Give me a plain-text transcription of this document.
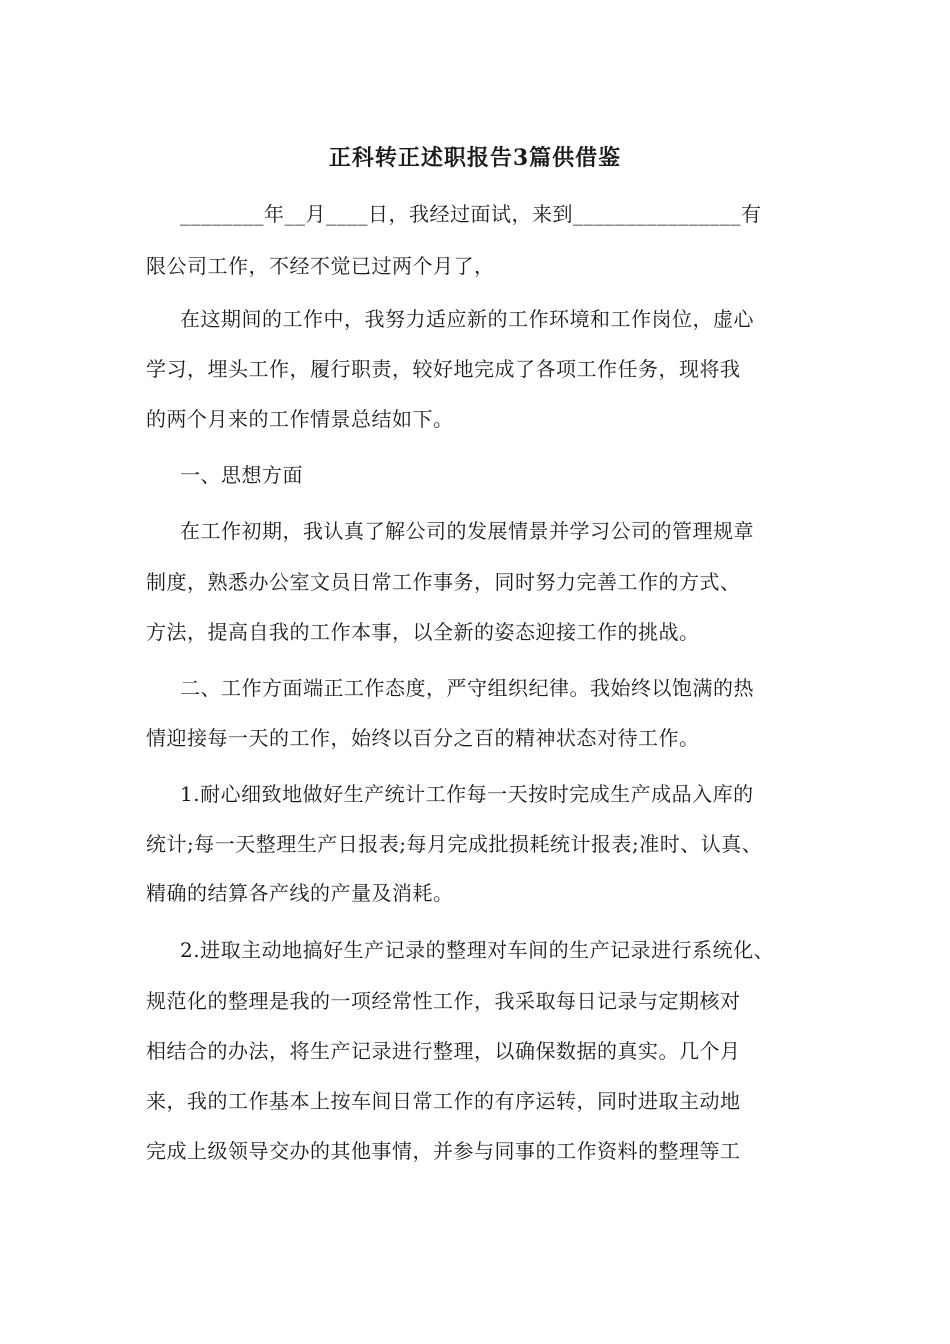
正科转正述职报告3篇供借鉴
________年__月____日，我经过面试，来到________________有
限公司工作，不经不觉已过两个月了，
在这期间的工作中，我努力适应新的工作环境和工作岗位，虚心
学习，埋头工作，履行职责，较好地完成了各项工作任务，现将我
的两个月来的工作情景总结如下。
一、思想方面
在工作初期，我认真了解公司的发展情景并学习公司的管理规章
制度，熟悉办公室文员日常工作事务，同时努力完善工作的方式、
方法，提高自我的工作本事，以全新的姿态迎接工作的挑战。
二、工作方面端正工作态度，严守组织纪律。我始终以饱满的热
情迎接每一天的工作，始终以百分之百的精神状态对待工作。
1.耐心细致地做好生产统计工作每一天按时完成生产成品入库的
统计;每一天整理生产日报表;每月完成批损耗统计报表;准时、认真、
精确的结算各产线的产量及消耗。
2.进取主动地搞好生产记录的整理对车间的生产记录进行系统化、
规范化的整理是我的一项经常性工作，我采取每日记录与定期核对
相结合的办法，将生产记录进行整理，以确保数据的真实。几个月
来，我的工作基本上按车间日常工作的有序运转，同时进取主动地
完成上级领导交办的其他事情，并参与同事的工作资料的整理等工
